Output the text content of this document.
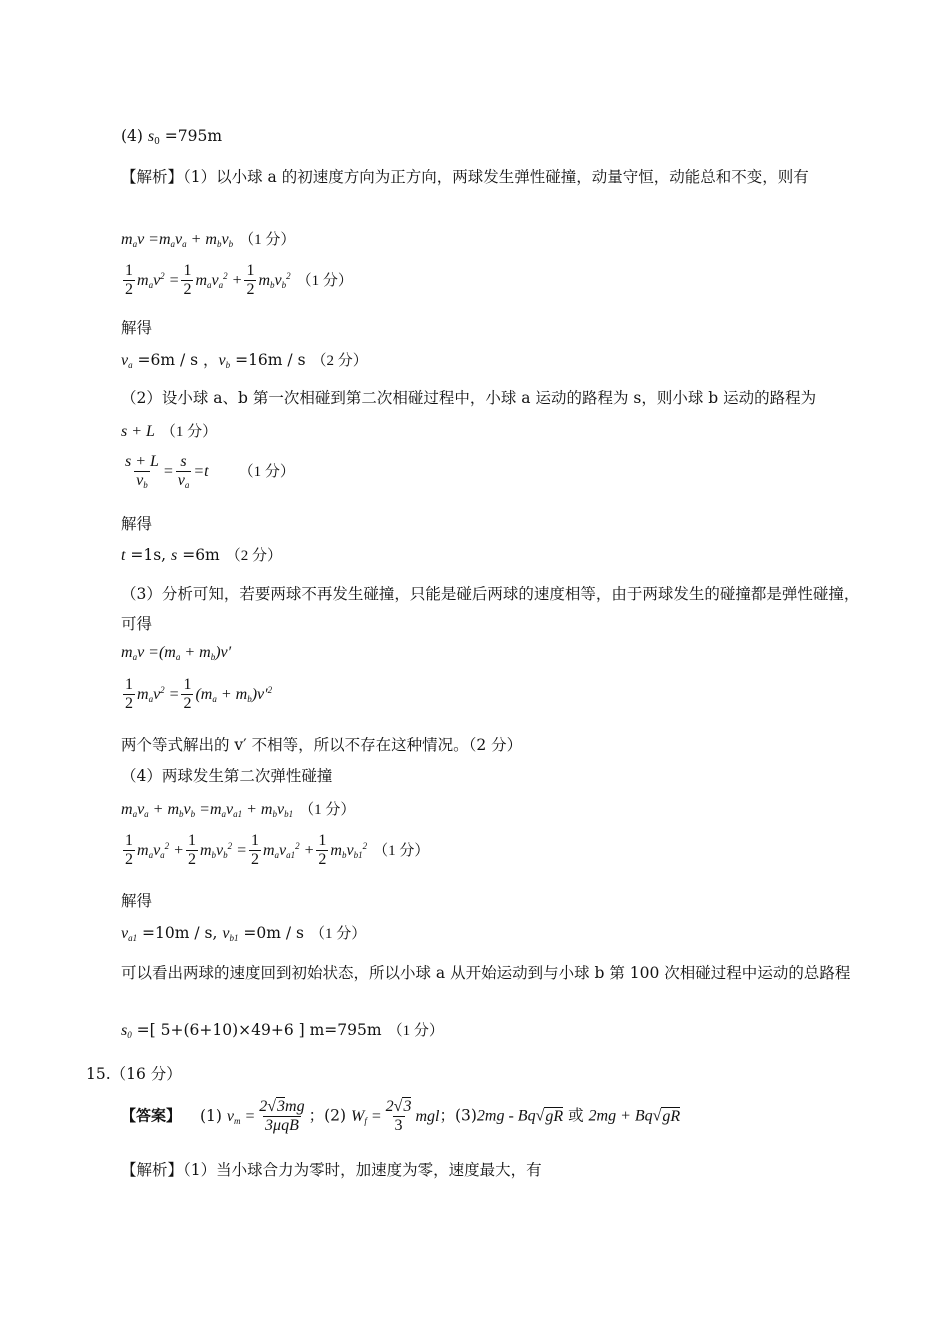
(4) $s_0 =795m$
【解析】（1）以小球 a 的初速度方向为正方向，两球发生弹性碰撞，动量守恒，动能总和不变，则有
$m_av =m_av_a + m_bv_b$ （1 分）
$\frac{1}{2} m_av^2 = \frac{1}{2} m_av_a^2 + \frac{1}{2} m_bv_b^2$ （1 分）
解得
$v_a =6m / s$ ，$v_b =16m / s$ （2 分）
（2）设小球 a、b 第一次相碰到第二次相碰过程中，小球 a 运动的路程为 s，则小球 b 运动的路程为
s + L （1 分）
$\frac{s + L}{v_b} = \frac{s}{v_a} =t$ （1 分）
解得
t =1s, s =6m （2 分）
（3）分析可知，若要两球不再发生碰撞，只能是碰后两球的速度相等，由于两球发生的碰撞都是弹性碰撞，可得
$m_av =(m_a + m_b)v'$
$\frac{1}{2} m_av^2 = \frac{1}{2} (m_a + m_b)v'^2$
两个等式解出的 v′ 不相等，所以不存在这种情况。（2 分）
（4）两球发生第二次弹性碰撞
$m_av_a + m_bv_b =m_av_{a1} + m_bv_{b1}$ （1 分）
$\frac{1}{2} m_av_a^2 + \frac{1}{2} m_bv_b^2 = \frac{1}{2} m_av_{a1}^2 + \frac{1}{2} m_bv_{b1}^2$ （1 分）
解得
$v_{a1} =10m / s$, $v_{b1} =0m / s$ （1 分）
可以看出两球的速度回到初始状态，所以小球 a 从开始运动到与小球 b 第 100 次相碰过程中运动的总路程
$s_0$ =[ 5+(6+10)×49+6 ] m=795m （1 分）
15.（16 分）
【答案】 (1) $v_m$ =
2√3mg
3μqB
；(2) $W_f = \frac{2√3}{3}$ mgl；(3)2mg - Bq√gR 或 2mg + Bq√gR
【解析】（1）当小球合力为零时，加速度为零，速度最大，有
